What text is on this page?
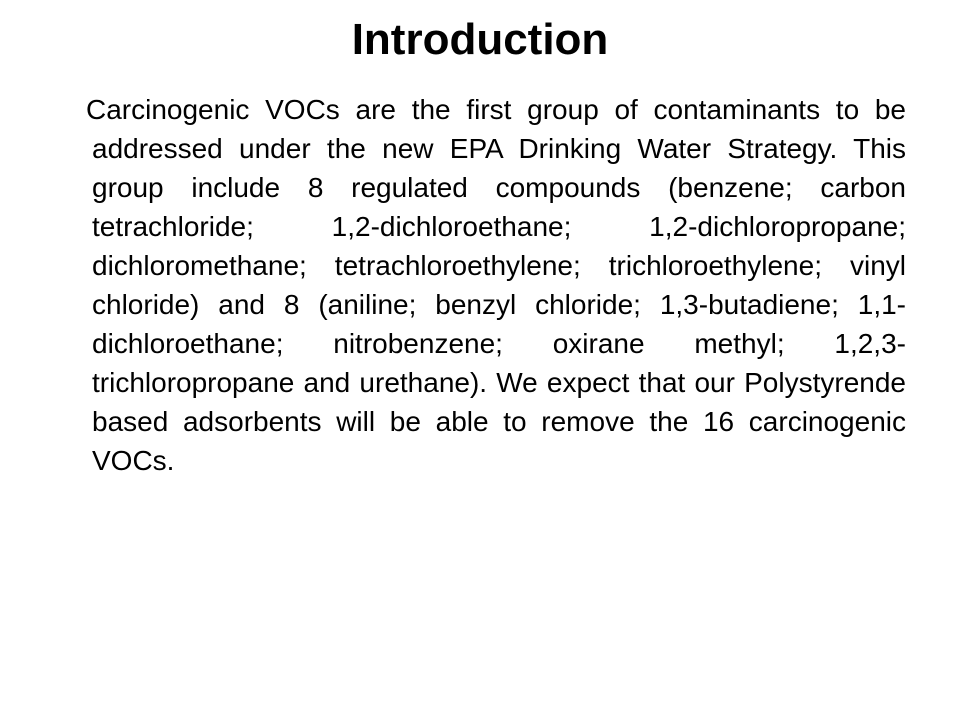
Introduction

Carcinogenic VOCs are the first group of contaminants to be addressed under the new EPA Drinking Water Strategy. This group include 8 regulated compounds (benzene; carbon tetrachloride; 1,2-dichloroethane; 1,2-dichloropropane; dichloromethane; tetrachloroethylene; trichloroethylene; vinyl chloride) and 8 (aniline; benzyl chloride; 1,3-butadiene; 1,1-dichloroethane; nitrobenzene; oxirane methyl; 1,2,3-trichloropropane and urethane). We expect that our Polystyrende based adsorbents will be able to remove the 16 carcinogenic VOCs.
